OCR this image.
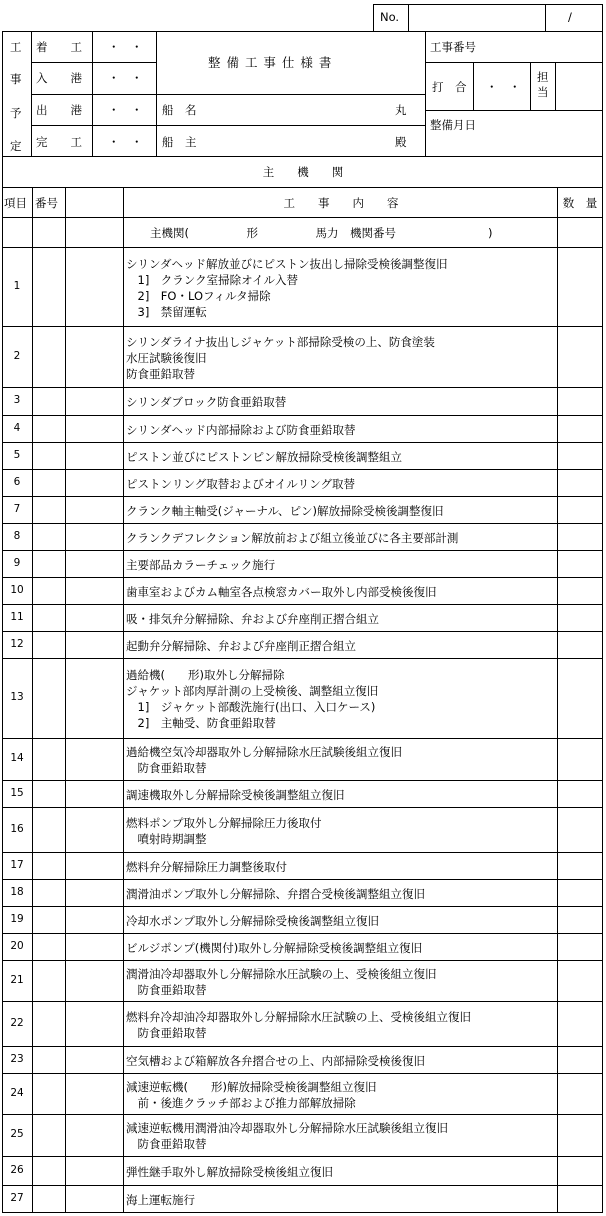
No.	/
工
事
予
定
着　　工 ・　・
入　　港 ・　・
出　　港 ・　・
完　　工 ・　・
整 備 工 事 仕 様 書
船　名	丸
船　主	殿
工事番号
打　合 ・　・
担当
整備月日
主　　機　　関
項目 番号	工　　事　　内　　容	数　量
主機関(　　　　　形　　　　　馬力　機関番号　　　　　　　　)
1
シリンダヘッド解放並びにピストン抜出し掃除受検後調整復旧
　1]　クランク室掃除オイル入替
　2]　FO・LOフィルタ掃除
　3]　禁留運転
2
シリンダライナ抜出しジャケット部掃除受検の上、防食塗装
水圧試験後復旧
防食亜鉛取替
3	シリンダブロック防食亜鉛取替
4	シリンダヘッド内部掃除および防食亜鉛取替
5	ピストン並びにピストンピン解放掃除受検後調整組立
6	ピストンリング取替およびオイルリング取替
7	クランク軸主軸受(ジャーナル、ピン)解放掃除受検後調整復旧
8	クランクデフレクション解放前および組立後並びに各主要部計測
9	主要部品カラーチェック施行
10	歯車室およびカム軸室各点検窓カバー取外し内部受検後復旧
11	吸・排気弁分解掃除、弁および弁座削正摺合組立
12	起動弁分解掃除、弁および弁座削正摺合組立
13
過給機(　　形)取外し分解掃除
ジャケット部肉厚計測の上受検後、調整組立復旧
　1]　ジャケット部酸洗施行(出口、入口ケース)
　2]　主軸受、防食亜鉛取替
14	過給機空気冷却器取外し分解掃除水圧試験後組立復旧
　防食亜鉛取替
15	調速機取外し分解掃除受検後調整組立復旧
16	燃料ポンプ取外し分解掃除圧力後取付
　噴射時期調整
17	燃料弁分解掃除圧力調整後取付
18	潤滑油ポンプ取外し分解掃除、弁摺合受検後調整組立復旧
19	冷却水ポンプ取外し分解掃除受検後調整組立復旧
20	ビルジポンプ(機関付)取外し分解掃除受検後調整組立復旧
21	潤滑油冷却器取外し分解掃除水圧試験の上、受検後組立復旧
　防食亜鉛取替
22	燃料弁冷却油冷却器取外し分解掃除水圧試験の上、受検後組立復旧
　防食亜鉛取替
23	空気槽および箱解放各弁摺合せの上、内部掃除受検後復旧
24	減速逆転機(　　形)解放掃除受検後調整組立復旧
　前・後進クラッチ部および推力部解放掃除
25	減速逆転機用潤滑油冷却器取外し分解掃除水圧試験後組立復旧
　防食亜鉛取替
26	弾性継手取外し解放掃除受検後組立復旧
27	海上運転施行
